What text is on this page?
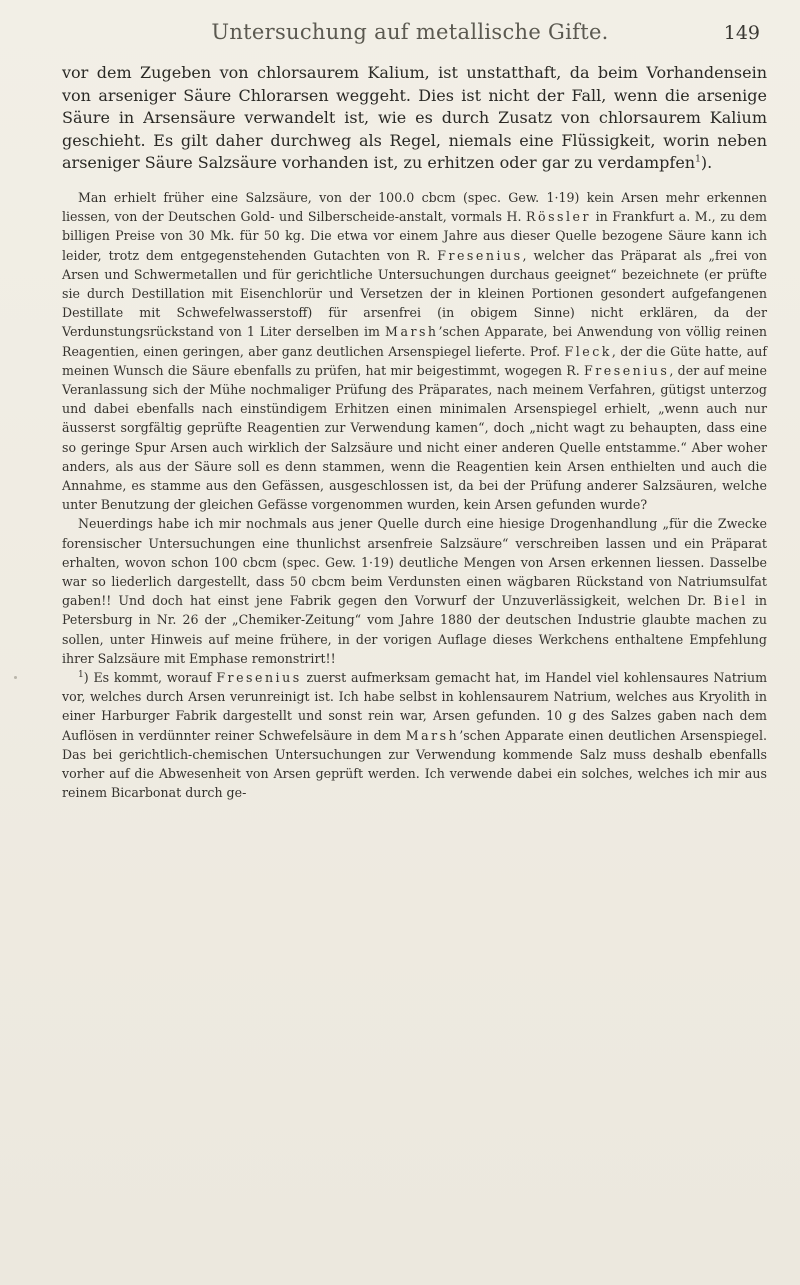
Untersuchung auf metallische Gifte.	149

vor dem Zugeben von chlorsaurem Kalium, ist unstatthaft, da beim Vorhandensein von arseniger Säure Chlorarsen weggeht. Dies ist nicht der Fall, wenn die arsenige Säure in Arsensäure verwandelt ist, wie es durch Zusatz von chlorsaurem Kalium geschieht. Es gilt daher durchweg als Regel, niemals eine Flüssigkeit, worin neben arseniger Säure Salzsäure vorhanden ist, zu erhitzen oder gar zu verdampfen$^1$).

Man erhielt früher eine Salzsäure, von der 100.0 cbcm (spec. Gew. 1·19) kein Arsen mehr erkennen liessen, von der Deutschen Gold- und Silberscheide-anstalt, vormals H. Rössler in Frankfurt a. M., zu dem billigen Preise von 30 Mk. für 50 kg. Die etwa vor einem Jahre aus dieser Quelle bezogene Säure kann ich leider, trotz dem entgegenstehenden Gutachten von R. Fresenius, welcher das Präparat als „frei von Arsen und Schwermetallen und für gerichtliche Untersuchungen durchaus geeignet“ bezeichnete (er prüfte sie durch Destillation mit Eisenchlorür und Versetzen der in kleinen Portionen gesondert aufgefangenen Destillate mit Schwefelwasserstoff) für arsenfrei (in obigem Sinne) nicht erklären, da der Verdunstungsrückstand von 1 Liter derselben im Marsh’schen Apparate, bei Anwendung von völlig reinen Reagentien, einen geringen, aber ganz deutlichen Arsenspiegel lieferte. Prof. Fleck, der die Güte hatte, auf meinen Wunsch die Säure ebenfalls zu prüfen, hat mir beigestimmt, wogegen R. Fresenius, der auf meine Veranlassung sich der Mühe nochmaliger Prüfung des Präparates, nach meinem Verfahren, gütigst unterzog und dabei ebenfalls nach einstündigem Erhitzen einen minimalen Arsenspiegel erhielt, „wenn auch nur äusserst sorgfältig geprüfte Reagentien zur Verwendung kamen“, doch „nicht wagt zu behaupten, dass eine so geringe Spur Arsen auch wirklich der Salzsäure und nicht einer anderen Quelle entstamme.“ Aber woher anders, als aus der Säure soll es denn stammen, wenn die Reagentien kein Arsen enthielten und auch die Annahme, es stamme aus den Gefässen, ausgeschlossen ist, da bei der Prüfung anderer Salzsäuren, welche unter Benutzung der gleichen Gefässe vorgenommen wurden, kein Arsen gefunden wurde?

Neuerdings habe ich mir nochmals aus jener Quelle durch eine hiesige Drogenhandlung „für die Zwecke forensischer Untersuchungen eine thunlichst arsenfreie Salzsäure“ verschreiben lassen und ein Präparat erhalten, wovon schon 100 cbcm (spec. Gew. 1·19) deutliche Mengen von Arsen erkennen liessen. Dasselbe war so liederlich dargestellt, dass 50 cbcm beim Verdunsten einen wägbaren Rückstand von Natriumsulfat gaben!! Und doch hat einst jene Fabrik gegen den Vorwurf der Unzuverlässigkeit, welchen Dr. Biel in Petersburg in Nr. 26 der „Chemiker-Zeitung“ vom Jahre 1880 der deutschen Industrie glaubte machen zu sollen, unter Hinweis auf meine frühere, in der vorigen Auflage dieses Werkchens enthaltene Empfehlung ihrer Salzsäure mit Emphase remonstrirt!!

$^1$) Es kommt, worauf Fresenius zuerst aufmerksam gemacht hat, im Handel viel kohlensaures Natrium vor, welches durch Arsen verunreinigt ist. Ich habe selbst in kohlensaurem Natrium, welches aus Kryolith in einer Harburger Fabrik dargestellt und sonst rein war, Arsen gefunden. 10 g des Salzes gaben nach dem Auflösen in verdünnter reiner Schwefelsäure in dem Marsh’schen Apparate einen deutlichen Arsenspiegel. Das bei gerichtlich-chemischen Untersuchungen zur Verwendung kommende Salz muss deshalb ebenfalls vorher auf die Abwesenheit von Arsen geprüft werden. Ich verwende dabei ein solches, welches ich mir aus reinem Bicarbonat durch ge-
